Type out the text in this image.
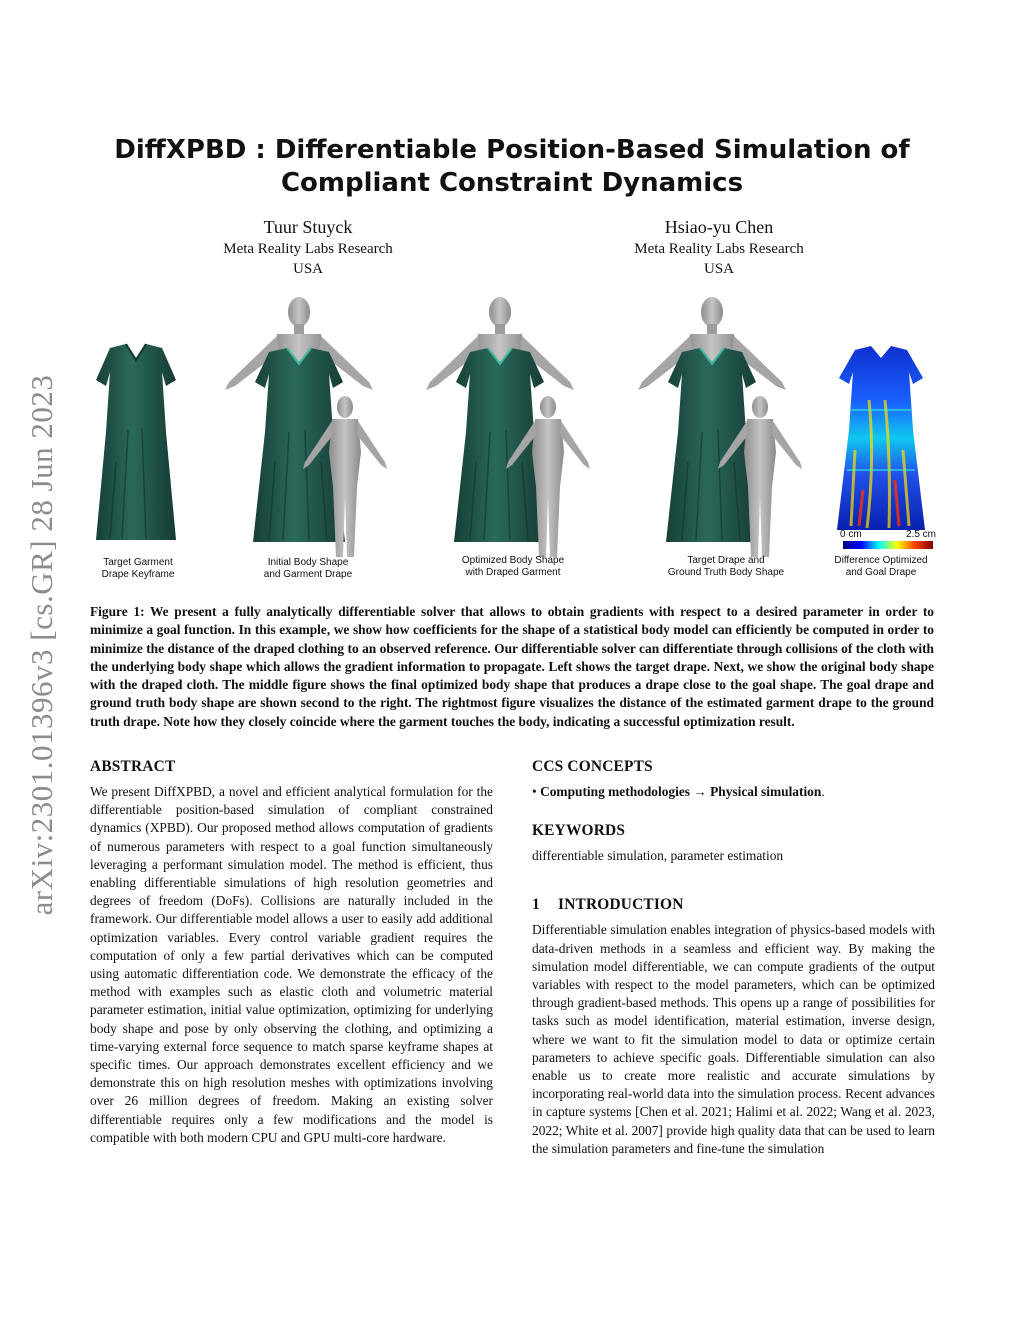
arXiv:2301.01396v3 [cs.GR] 28 Jun 2023
DiffXPBD : Differentiable Position-Based Simulation of
Compliant Constraint Dynamics
Tuur Stuyck
Meta Reality Labs Research
USA
Hsiao-yu Chen
Meta Reality Labs Research
USA
0 cm	2.5 cm
Target Garment
Drape Keyframe
Initial Body Shape
and Garment Drape
Optimized Body Shape
with Draped Garment
Target Drape and
Ground Truth Body Shape
Difference Optimized
and Goal Drape
Figure 1: We present a fully analytically differentiable solver that allows to obtain gradients with respect to a desired parameter in order to minimize a goal function. In this example, we show how coefficients for the shape of a statistical body model can efficiently be computed in order to minimize the distance of the draped clothing to an observed reference. Our differentiable solver can differentiate through collisions of the cloth with the underlying body shape which allows the gradient information to propagate. Left shows the target drape. Next, we show the original body shape with the draped cloth. The middle figure shows the final optimized body shape that produces a drape close to the goal shape. The goal drape and ground truth body shape are shown second to the right. The rightmost figure visualizes the distance of the estimated garment drape to the ground truth drape. Note how they closely coincide where the garment touches the body, indicating a successful optimization result.
ABSTRACT

We present DiffXPBD, a novel and efficient analytical formulation for the differentiable position-based simulation of compliant constrained dynamics (XPBD). Our proposed method allows computation of gradients of numerous parameters with respect to a goal function simultaneously leveraging a performant simulation model. The method is efficient, thus enabling differentiable simulations of high resolution geometries and degrees of freedom (DoFs). Collisions are naturally included in the framework. Our differentiable model allows a user to easily add additional optimization variables. Every control variable gradient requires the computation of only a few partial derivatives which can be computed using automatic differentiation code. We demonstrate the efficacy of the method with examples such as elastic cloth and volumetric material parameter estimation, initial value optimization, optimizing for underlying body shape and pose by only observing the clothing, and optimizing a time-varying external force sequence to match sparse keyframe shapes at specific times. Our approach demonstrates excellent efficiency and we demonstrate this on high resolution meshes with optimizations involving over 26 million degrees of freedom. Making an existing solver differentiable requires only a few modifications and the model is compatible with both modern CPU and GPU multi-core hardware.

CCS CONCEPTS

• Computing methodologies → Physical simulation.

KEYWORDS

differentiable simulation, parameter estimation

1 INTRODUCTION

Differentiable simulation enables integration of physics-based models with data-driven methods in a seamless and efficient way. By making the simulation model differentiable, we can compute gradients of the output variables with respect to the model parameters, which can be optimized through gradient-based methods. This opens up a range of possibilities for tasks such as model identification, material estimation, inverse design, where we want to fit the simulation model to data or optimize certain parameters to achieve specific goals. Differentiable simulation can also enable us to create more realistic and accurate simulations by incorporating real-world data into the simulation process. Recent advances in capture systems [Chen et al. 2021; Halimi et al. 2022; Wang et al. 2023, 2022; White et al. 2007] provide high quality data that can be used to learn the simulation parameters and fine-tune the simulation
